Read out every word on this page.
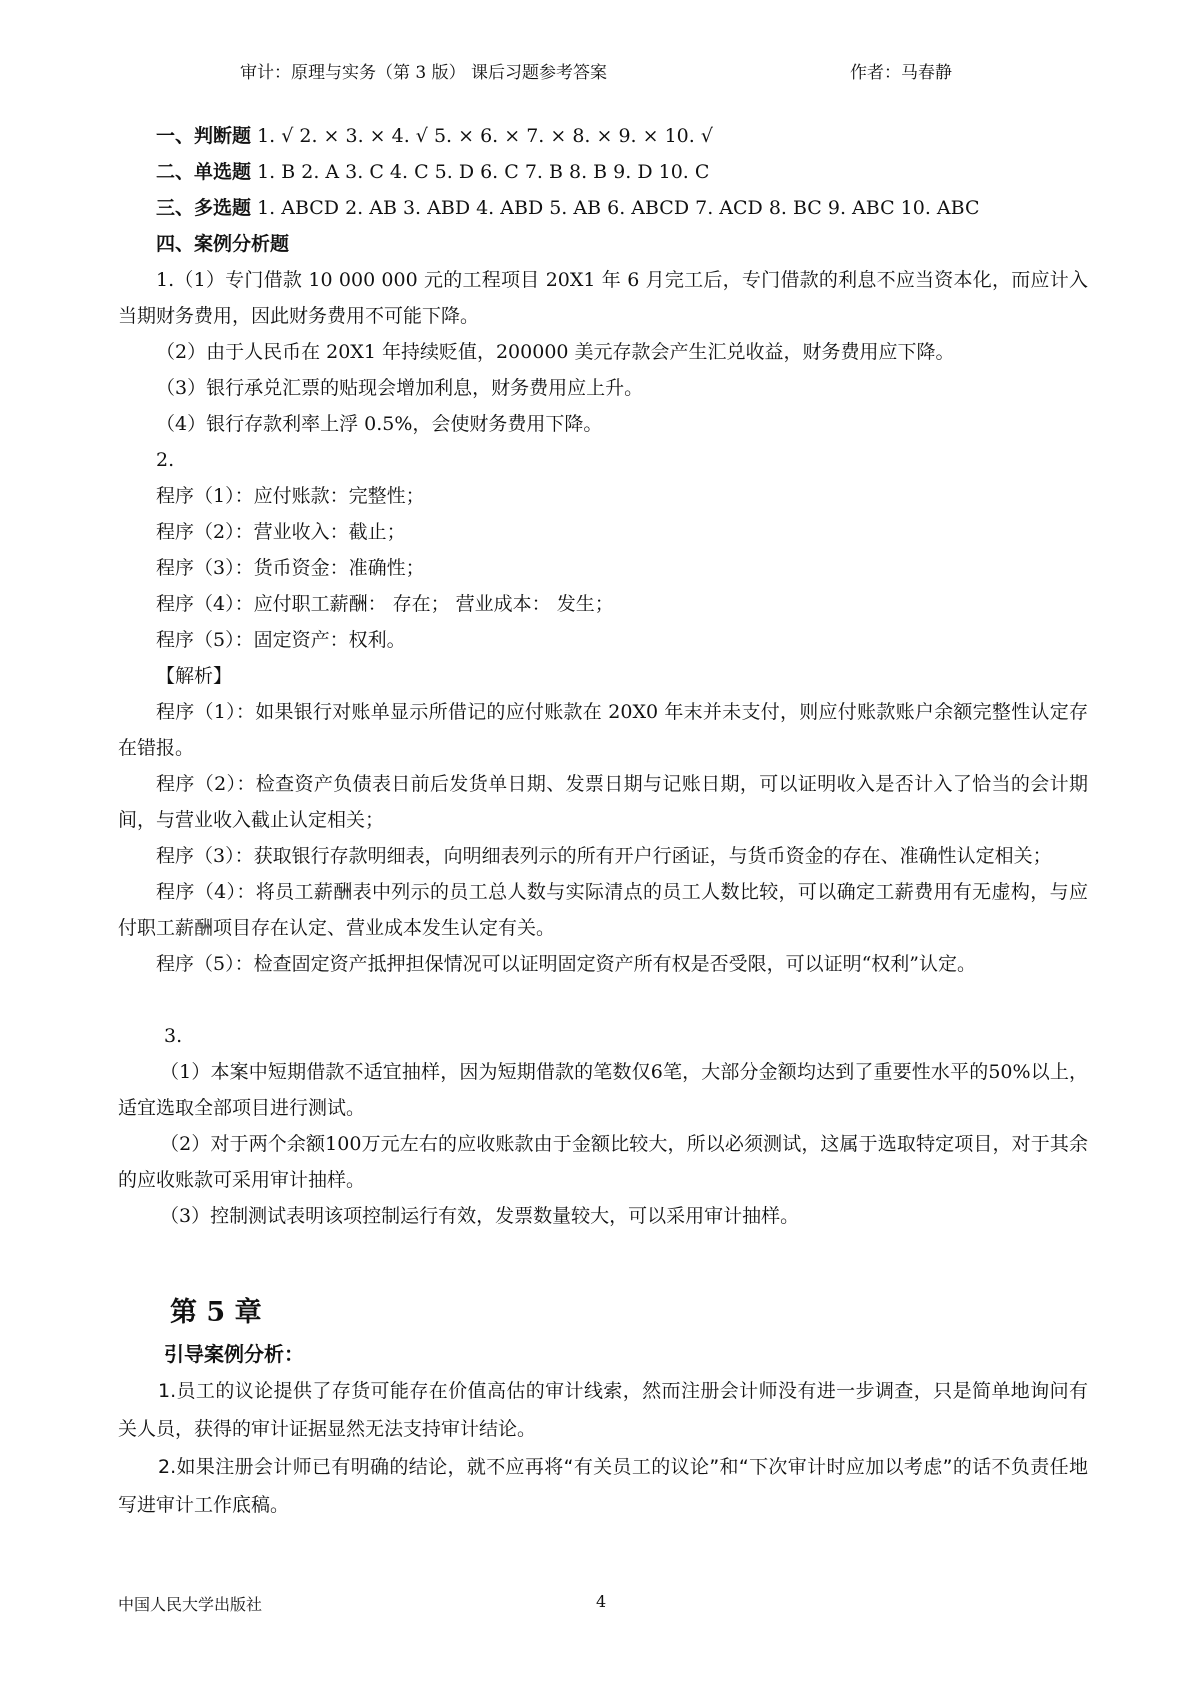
审计：原理与实务（第 3 版） 课后习题参考答案	作者：马春静
一、判断题 1. √ 2. × 3. × 4. √ 5. × 6. × 7. × 8. × 9. × 10. √
二、单选题 1. B 2. A 3. C 4. C 5. D 6. C 7. B 8. B 9. D 10. C
三、多选题 1. ABCD 2. AB 3. ABD 4. ABD 5. AB 6. ABCD 7. ACD 8. BC 9. ABC 10. ABC
四、案例分析题
1.（1）专门借款 10 000 000 元的工程项目 20X1 年 6 月完工后，专门借款的利息不应当资本化，而应计入当期财务费用，因此财务费用不可能下降。
（2）由于人民币在 20X1 年持续贬值，200000 美元存款会产生汇兑收益，财务费用应下降。
（3）银行承兑汇票的贴现会增加利息，财务费用应上升。
（4）银行存款利率上浮 0.5%，会使财务费用下降。
2.
程序（1）：应付账款：完整性；
程序（2）：营业收入：截止；
程序（3）：货币资金：准确性；
程序（4）：应付职工薪酬： 存在； 营业成本： 发生；
程序（5）：固定资产：权利。
【解析】
程序（1）：如果银行对账单显示所借记的应付账款在 20X0 年末并未支付，则应付账款账户余额完整性认定存在错报。
程序（2）：检查资产负债表日前后发货单日期、发票日期与记账日期，可以证明收入是否计入了恰当的会计期间，与营业收入截止认定相关；
程序（3）：获取银行存款明细表，向明细表列示的所有开户行函证，与货币资金的存在、准确性认定相关；
程序（4）：将员工薪酬表中列示的员工总人数与实际清点的员工人数比较，可以确定工薪费用有无虚构，与应付职工薪酬项目存在认定、营业成本发生认定有关。
程序（5）：检查固定资产抵押担保情况可以证明固定资产所有权是否受限，可以证明“权利”认定。
3.
（1）本案中短期借款不适宜抽样，因为短期借款的笔数仅6笔，大部分金额均达到了重要性水平的50%以上，适宜选取全部项目进行测试。
（2）对于两个余额100万元左右的应收账款由于金额比较大，所以必须测试，这属于选取特定项目，对于其余的应收账款可采用审计抽样。
（3）控制测试表明该项控制运行有效，发票数量较大，可以采用审计抽样。
第 5 章
引导案例分析：
1.员工的议论提供了存货可能存在价值高估的审计线索，然而注册会计师没有进一步调查，只是简单地询问有关人员，获得的审计证据显然无法支持审计结论。
2.如果注册会计师已有明确的结论，就不应再将“有关员工的议论”和“下次审计时应加以考虑”的话不负责任地写进审计工作底稿。
中国人民大学出版社	4
